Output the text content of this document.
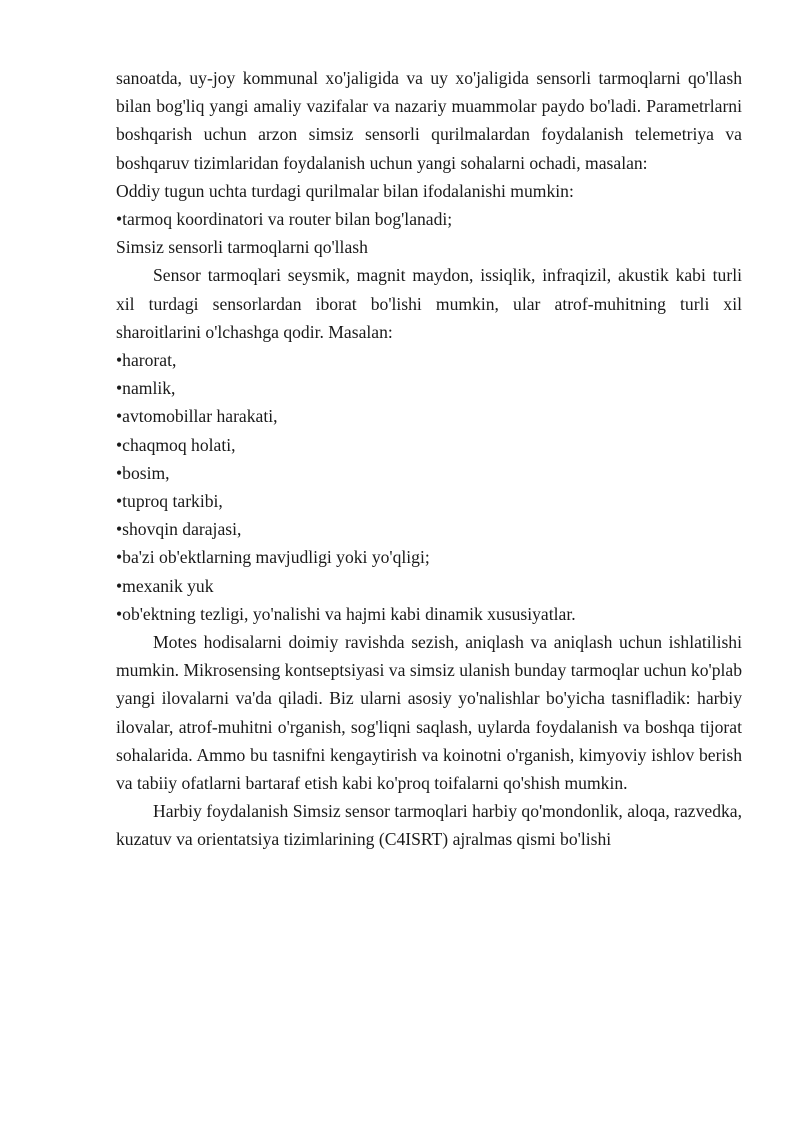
sanoatda, uy-joy kommunal xo'jaligida va uy xo'jaligida sensorli tarmoqlarni qo'llash bilan bog'liq yangi amaliy vazifalar va nazariy muammolar paydo bo'ladi. Parametrlarni boshqarish uchun arzon simsiz sensorli qurilmalardan foydalanish telemetriya va boshqaruv tizimlaridan foydalanish uchun yangi sohalarni ochadi, masalan:

Oddiy tugun uchta turdagi qurilmalar bilan ifodalanishi mumkin:

•tarmoq koordinatori va router bilan bog'lanadi;

Simsiz sensorli tarmoqlarni qo'llash

Sensor tarmoqlari seysmik, magnit maydon, issiqlik, infraqizil, akustik kabi turli xil turdagi sensorlardan iborat bo'lishi mumkin, ular atrof-muhitning turli xil sharoitlarini o'lchashga qodir. Masalan:

•harorat,

•namlik,

•avtomobillar harakati,

•chaqmoq holati,

•bosim,

•tuproq tarkibi,

•shovqin darajasi,

•ba'zi ob'ektlarning mavjudligi yoki yo'qligi;

•mexanik yuk

•ob'ektning tezligi, yo'nalishi va hajmi kabi dinamik xususiyatlar.

Motes hodisalarni doimiy ravishda sezish, aniqlash va aniqlash uchun ishlatilishi mumkin. Mikrosensing kontseptsiyasi va simsiz ulanish bunday tarmoqlar uchun ko'plab yangi ilovalarni va'da qiladi. Biz ularni asosiy yo'nalishlar bo'yicha tasnifladik: harbiy ilovalar, atrof-muhitni o'rganish, sog'liqni saqlash, uylarda foydalanish va boshqa tijorat sohalarida. Ammo bu tasnifni kengaytirish va koinotni o'rganish, kimyoviy ishlov berish va tabiiy ofatlarni bartaraf etish kabi ko'proq toifalarni qo'shish mumkin.

Harbiy foydalanish Simsiz sensor tarmoqlari harbiy qo'mondonlik, aloqa, razvedka, kuzatuv va orientatsiya tizimlarining (C4ISRT) ajralmas qismi bo'lishi
